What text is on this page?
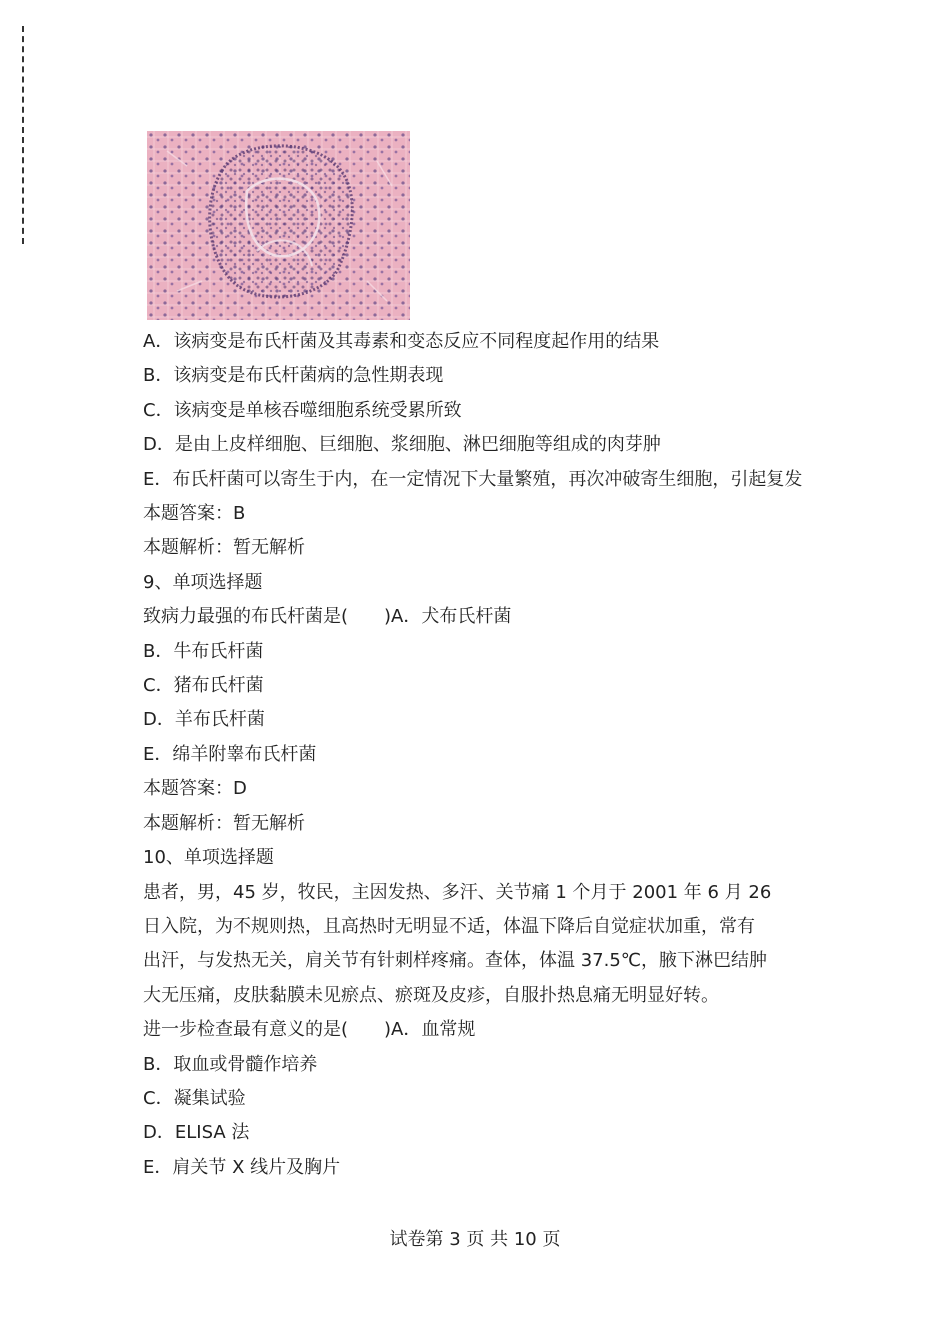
A．该病变是布氏杆菌及其毒素和变态反应不同程度起作用的结果

B．该病变是布氏杆菌病的急性期表现

C．该病变是单核吞噬细胞系统受累所致

D．是由上皮样细胞、巨细胞、浆细胞、淋巴细胞等组成的肉芽肿

E．布氏杆菌可以寄生于内，在一定情况下大量繁殖，再次冲破寄生细胞，引起复发

本题答案：B

本题解析：暂无解析

9、单项选择题

致病力最强的布氏杆菌是(　　)A．犬布氏杆菌

B．牛布氏杆菌

C．猪布氏杆菌

D．羊布氏杆菌

E．绵羊附睾布氏杆菌

本题答案：D

本题解析：暂无解析

10、单项选择题

患者，男，45 岁，牧民，主因发热、多汗、关节痛 1 个月于 2001 年 6 月 26

日入院，为不规则热，且高热时无明显不适，体温下降后自觉症状加重，常有

出汗，与发热无关，肩关节有针刺样疼痛。查体，体温 37.5℃，腋下淋巴结肿

大无压痛，皮肤黏膜未见瘀点、瘀斑及皮疹，自服扑热息痛无明显好转。

进一步检查最有意义的是(　　)A．血常规

B．取血或骨髓作培养

C．凝集试验

D．ELISA 法

E．肩关节 X 线片及胸片

试卷第 3 页 共 10 页
